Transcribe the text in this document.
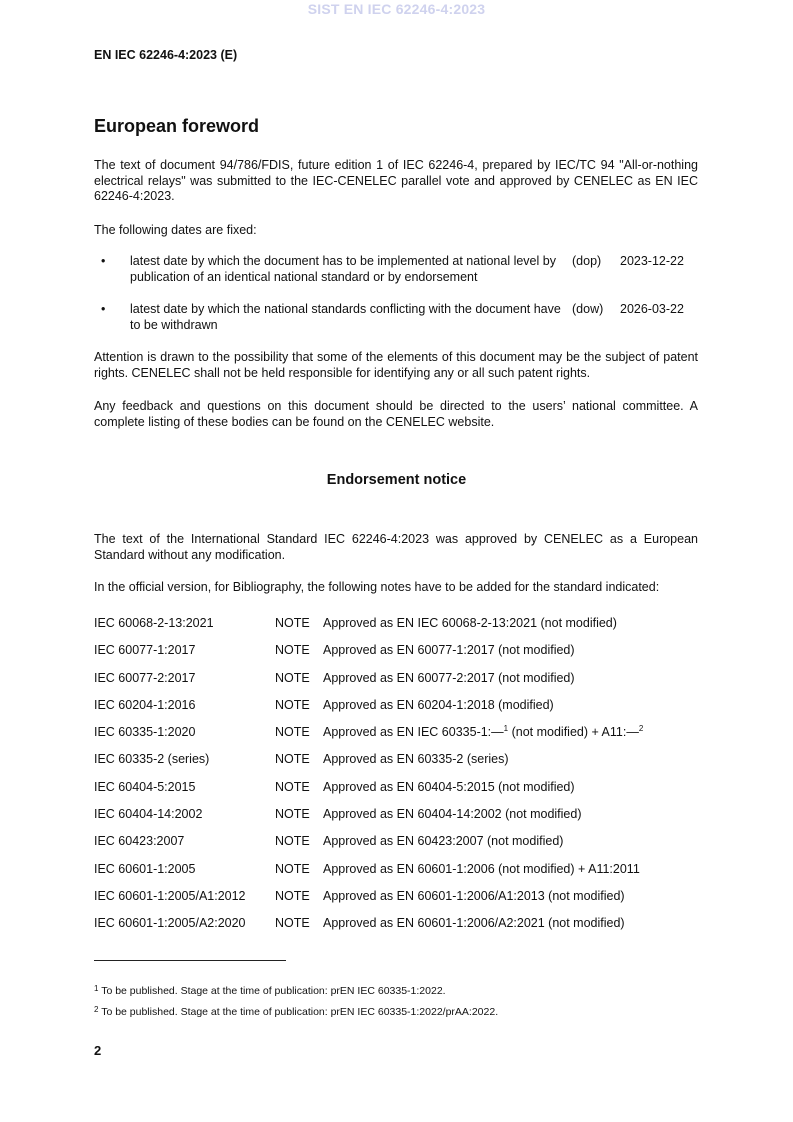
SIST EN IEC 62246-4:2023
EN IEC 62246-4:2023 (E)
European foreword
The text of document 94/786/FDIS, future edition 1 of IEC 62246-4, prepared by IEC/TC 94 "All-or-nothing electrical relays" was submitted to the IEC-CENELEC parallel vote and approved by CENELEC as EN IEC 62246-4:2023.
The following dates are fixed:
• latest date by which the document has to be implemented at national level by publication of an identical national standard or by endorsement
(dop) 2023-12-22
• latest date by which the national standards conflicting with the document have to be withdrawn
(dow) 2026-03-22
Attention is drawn to the possibility that some of the elements of this document may be the subject of patent rights. CENELEC shall not be held responsible for identifying any or all such patent rights.
Any feedback and questions on this document should be directed to the users’ national committee. A complete listing of these bodies can be found on the CENELEC website.
Endorsement notice
The text of the International Standard IEC 62246-4:2023 was approved by CENELEC as a European Standard without any modification.
In the official version, for Bibliography, the following notes have to be added for the standard indicated:
IEC 60068-2-13:2021	NOTE Approved as EN IEC 60068-2-13:2021 (not modified)
IEC 60077-1:2017	NOTE Approved as EN 60077-1:2017 (not modified)
IEC 60077-2:2017	NOTE Approved as EN 60077-2:2017 (not modified)
IEC 60204-1:2016	NOTE Approved as EN 60204-1:2018 (modified)
IEC 60335-1:2020	NOTE Approved as EN IEC 60335-1:—$^1$ (not modified) + A11:—$^2$
IEC 60335-2 (series)	NOTE Approved as EN 60335-2 (series)
IEC 60404-5:2015	NOTE Approved as EN 60404-5:2015 (not modified)
IEC 60404-14:2002	NOTE Approved as EN 60404-14:2002 (not modified)
IEC 60423:2007	NOTE Approved as EN 60423:2007 (not modified)
IEC 60601-1:2005	NOTE Approved as EN 60601-1:2006 (not modified) + A11:2011
IEC 60601-1:2005/A1:2012 NOTE Approved as EN 60601-1:2006/A1:2013 (not modified)
IEC 60601-1:2005/A2:2020 NOTE Approved as EN 60601-1:2006/A2:2021 (not modified)
$^1$ To be published. Stage at the time of publication: prEN IEC 60335-1:2022.
$^2$ To be published. Stage at the time of publication: prEN IEC 60335-1:2022/prAA:2022.
2
